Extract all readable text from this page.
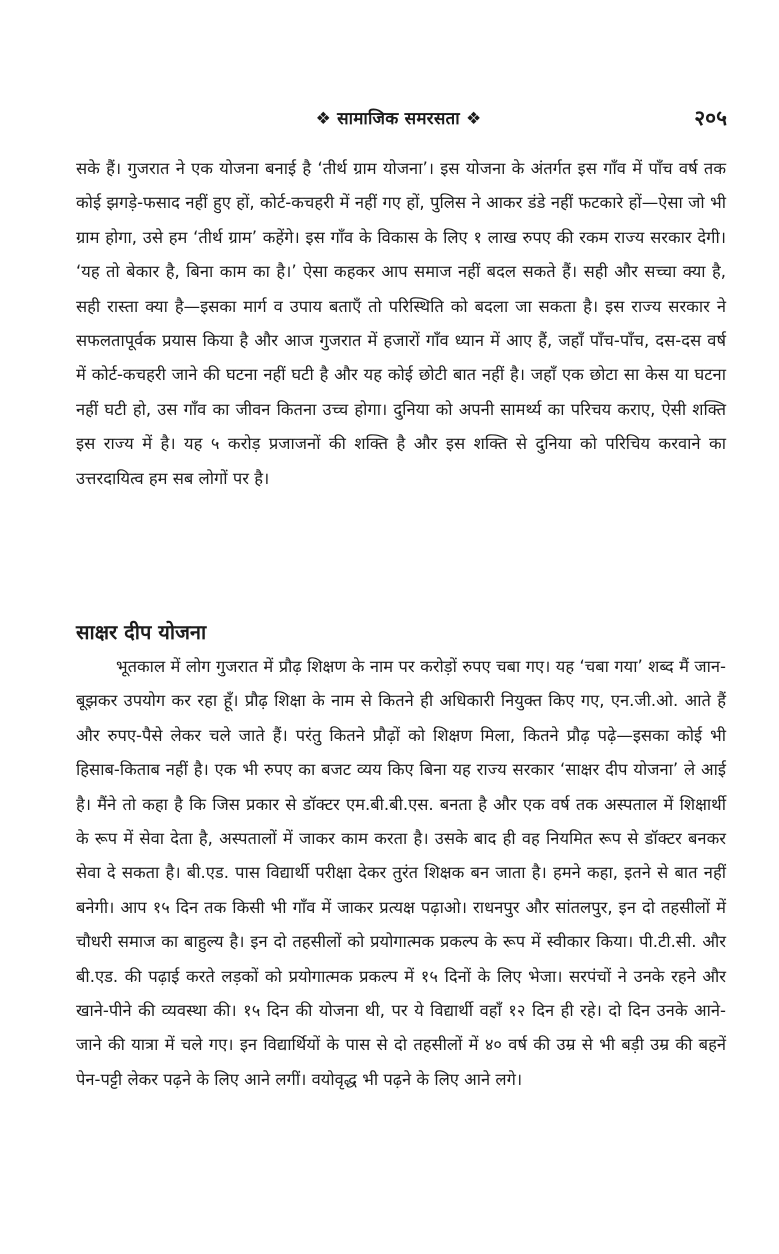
❖ सामाजिक समरसता ❖	२०५

सके हैं। गुजरात ने एक योजना बनाई है ‘तीर्थ ग्राम योजना’। इस योजना के अंतर्गत इस गाँव में पाँच वर्ष तक कोई झगड़े-फसाद नहीं हुए हों, कोर्ट-कचहरी में नहीं गए हों, पुलिस ने आकर डंडे नहीं फटकारे हों—ऐसा जो भी ग्राम होगा, उसे हम ‘तीर्थ ग्राम’ कहेंगे। इस गाँव के विकास के लिए १ लाख रुपए की रकम राज्य सरकार देगी। ‘यह तो बेकार है, बिना काम का है।’ ऐसा कहकर आप समाज नहीं बदल सकते हैं। सही और सच्चा क्या है, सही रास्ता क्या है—इसका मार्ग व उपाय बताएँ तो परिस्थिति को बदला जा सकता है। इस राज्य सरकार ने सफलतापूर्वक प्रयास किया है और आज गुजरात में हजारों गाँव ध्यान में आए हैं, जहाँ पाँच-पाँच, दस-दस वर्ष में कोर्ट-कचहरी जाने की घटना नहीं घटी है और यह कोई छोटी बात नहीं है। जहाँ एक छोटा सा केस या घटना नहीं घटी हो, उस गाँव का जीवन कितना उच्च होगा। दुनिया को अपनी सामर्थ्य का परिचय कराए, ऐसी शक्ति इस राज्य में है। यह ५ करोड़ प्रजाजनों की शक्ति है और इस शक्ति से दुनिया को परिचिय करवाने का उत्तरदायित्व हम सब लोगों पर है।

साक्षर दीप योजना

भूतकाल में लोग गुजरात में प्रौढ़ शिक्षण के नाम पर करोड़ों रुपए चबा गए। यह ‘चबा गया’ शब्द मैं जान-बूझकर उपयोग कर रहा हूँ। प्रौढ़ शिक्षा के नाम से कितने ही अधिकारी नियुक्त किए गए, एन.जी.ओ. आते हैं और रुपए-पैसे लेकर चले जाते हैं। परंतु कितने प्रौढ़ों को शिक्षण मिला, कितने प्रौढ़ पढ़े—इसका कोई भी हिसाब-किताब नहीं है। एक भी रुपए का बजट व्यय किए बिना यह राज्य सरकार ‘साक्षर दीप योजना’ ले आई है। मैंने तो कहा है कि जिस प्रकार से डॉक्टर एम.बी.बी.एस. बनता है और एक वर्ष तक अस्पताल में शिक्षार्थी के रूप में सेवा देता है, अस्पतालों में जाकर काम करता है। उसके बाद ही वह नियमित रूप से डॉक्टर बनकर सेवा दे सकता है। बी.एड. पास विद्यार्थी परीक्षा देकर तुरंत शिक्षक बन जाता है। हमने कहा, इतने से बात नहीं बनेगी। आप १५ दिन तक किसी भी गाँव में जाकर प्रत्यक्ष पढ़ाओ। राधनपुर और सांतलपुर, इन दो तहसीलों में चौधरी समाज का बाहुल्य है। इन दो तहसीलों को प्रयोगात्मक प्रकल्प के रूप में स्वीकार किया। पी.टी.सी. और बी.एड. की पढ़ाई करते लड़कों को प्रयोगात्मक प्रकल्प में १५ दिनों के लिए भेजा। सरपंचों ने उनके रहने और खाने-पीने की व्यवस्था की। १५ दिन की योजना थी, पर ये विद्यार्थी वहाँ १२ दिन ही रहे। दो दिन उनके आने-जाने की यात्रा में चले गए। इन विद्यार्थियों के पास से दो तहसीलों में ४० वर्ष की उम्र से भी बड़ी उम्र की बहनें पेन-पट्टी लेकर पढ़ने के लिए आने लगीं। वयोवृद्ध भी पढ़ने के लिए आने लगे।
